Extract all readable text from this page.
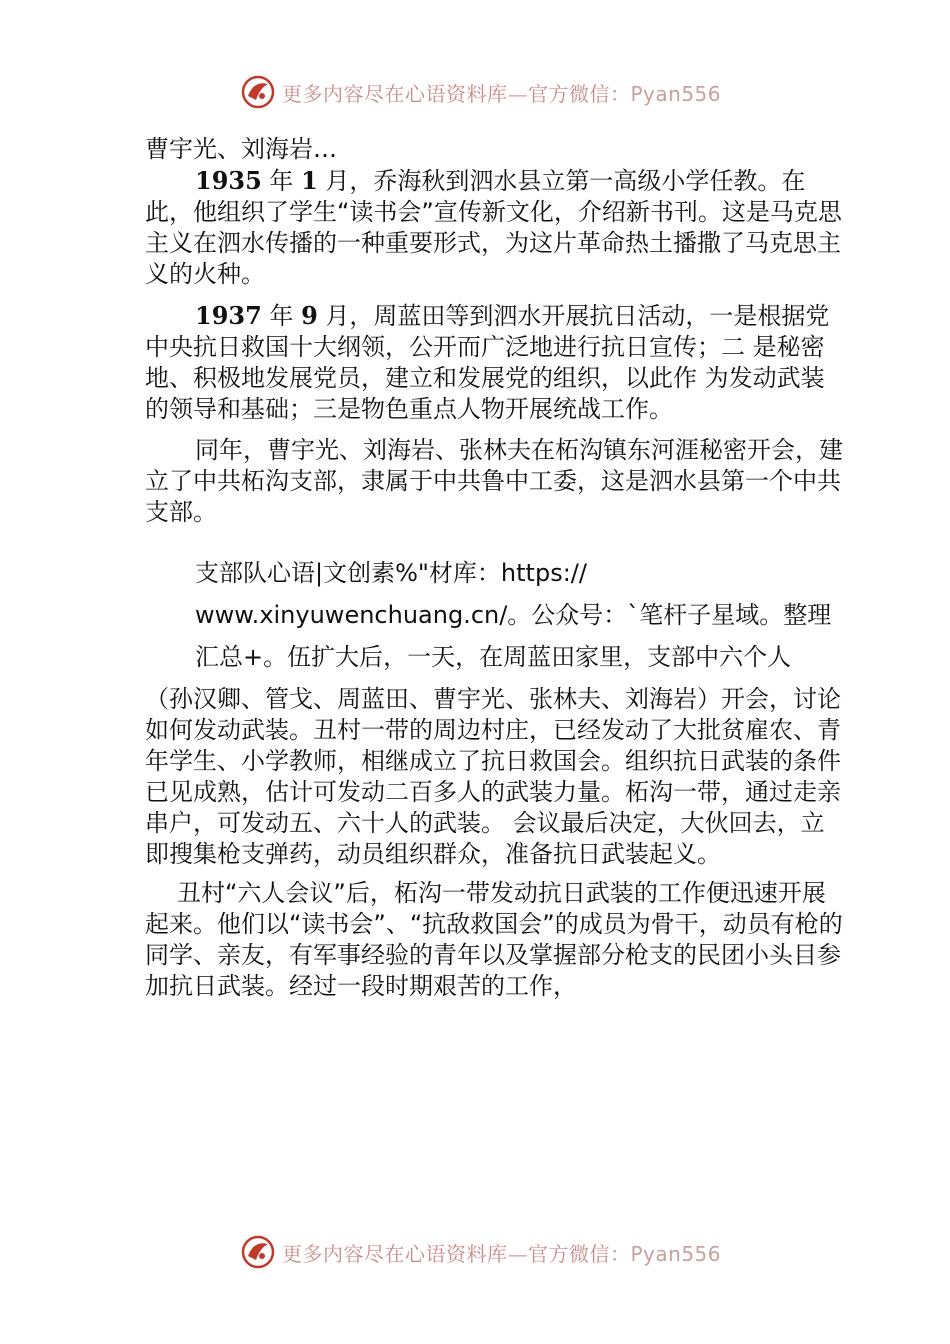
更多内容尽在心语资料库—官方微信：Pyan556

曹宇光、刘海岩…

1935 年 1 月，乔海秋到泗水县立第一高级小学任教。在此，他组织了学生“读书会”宣传新文化，介绍新书刊。这是马克思主义在泗水传播的一种重要形式，为这片革命热土播撒了马克思主义的火种。

1937 年 9 月，周蓝田等到泗水开展抗日活动，一是根据党中央抗日救国十大纲领，公开而广泛地进行抗日宣传；二 是秘密地、积极地发展党员，建立和发展党的组织，以此作 为发动武装的领导和基础；三是物色重点人物开展统战工作。

同年，曹宇光、刘海岩、张林夫在柘沟镇东河涯秘密开会，建立了中共柘沟支部，隶属于中共鲁中工委，这是泗水县第一个中共支部。

支部队心语|文创素%"材库：https:// www.xinyuwenchuang.cn/。公众号：`笔杆子星域。整理汇总+。伍扩大后，一天，在周蓝田家里，支部中六个人

（孙汉卿、管戈、周蓝田、曹宇光、张林夫、刘海岩）开会，讨论如何发动武装。丑村一带的周边村庄，已经发动了大批贫雇农、青年学生、小学教师，相继成立了抗日救国会。组织抗日武装的条件已见成熟，估计可发动二百多人的武装力量。柘沟一带，通过走亲串户，可发动五、六十人的武装。 会议最后决定，大伙回去，立即搜集枪支弹药，动员组织群众，准备抗日武装起义。

丑村“六人会议”后，柘沟一带发动抗日武装的工作便迅速开展起来。他们以“读书会”、“抗敌救国会”的成员为骨干，动员有枪的同学、亲友，有军事经验的青年以及掌握部分枪支的民团小头目参加抗日武装。经过一段时期艰苦的工作，

更多内容尽在心语资料库—官方微信：Pyan556
